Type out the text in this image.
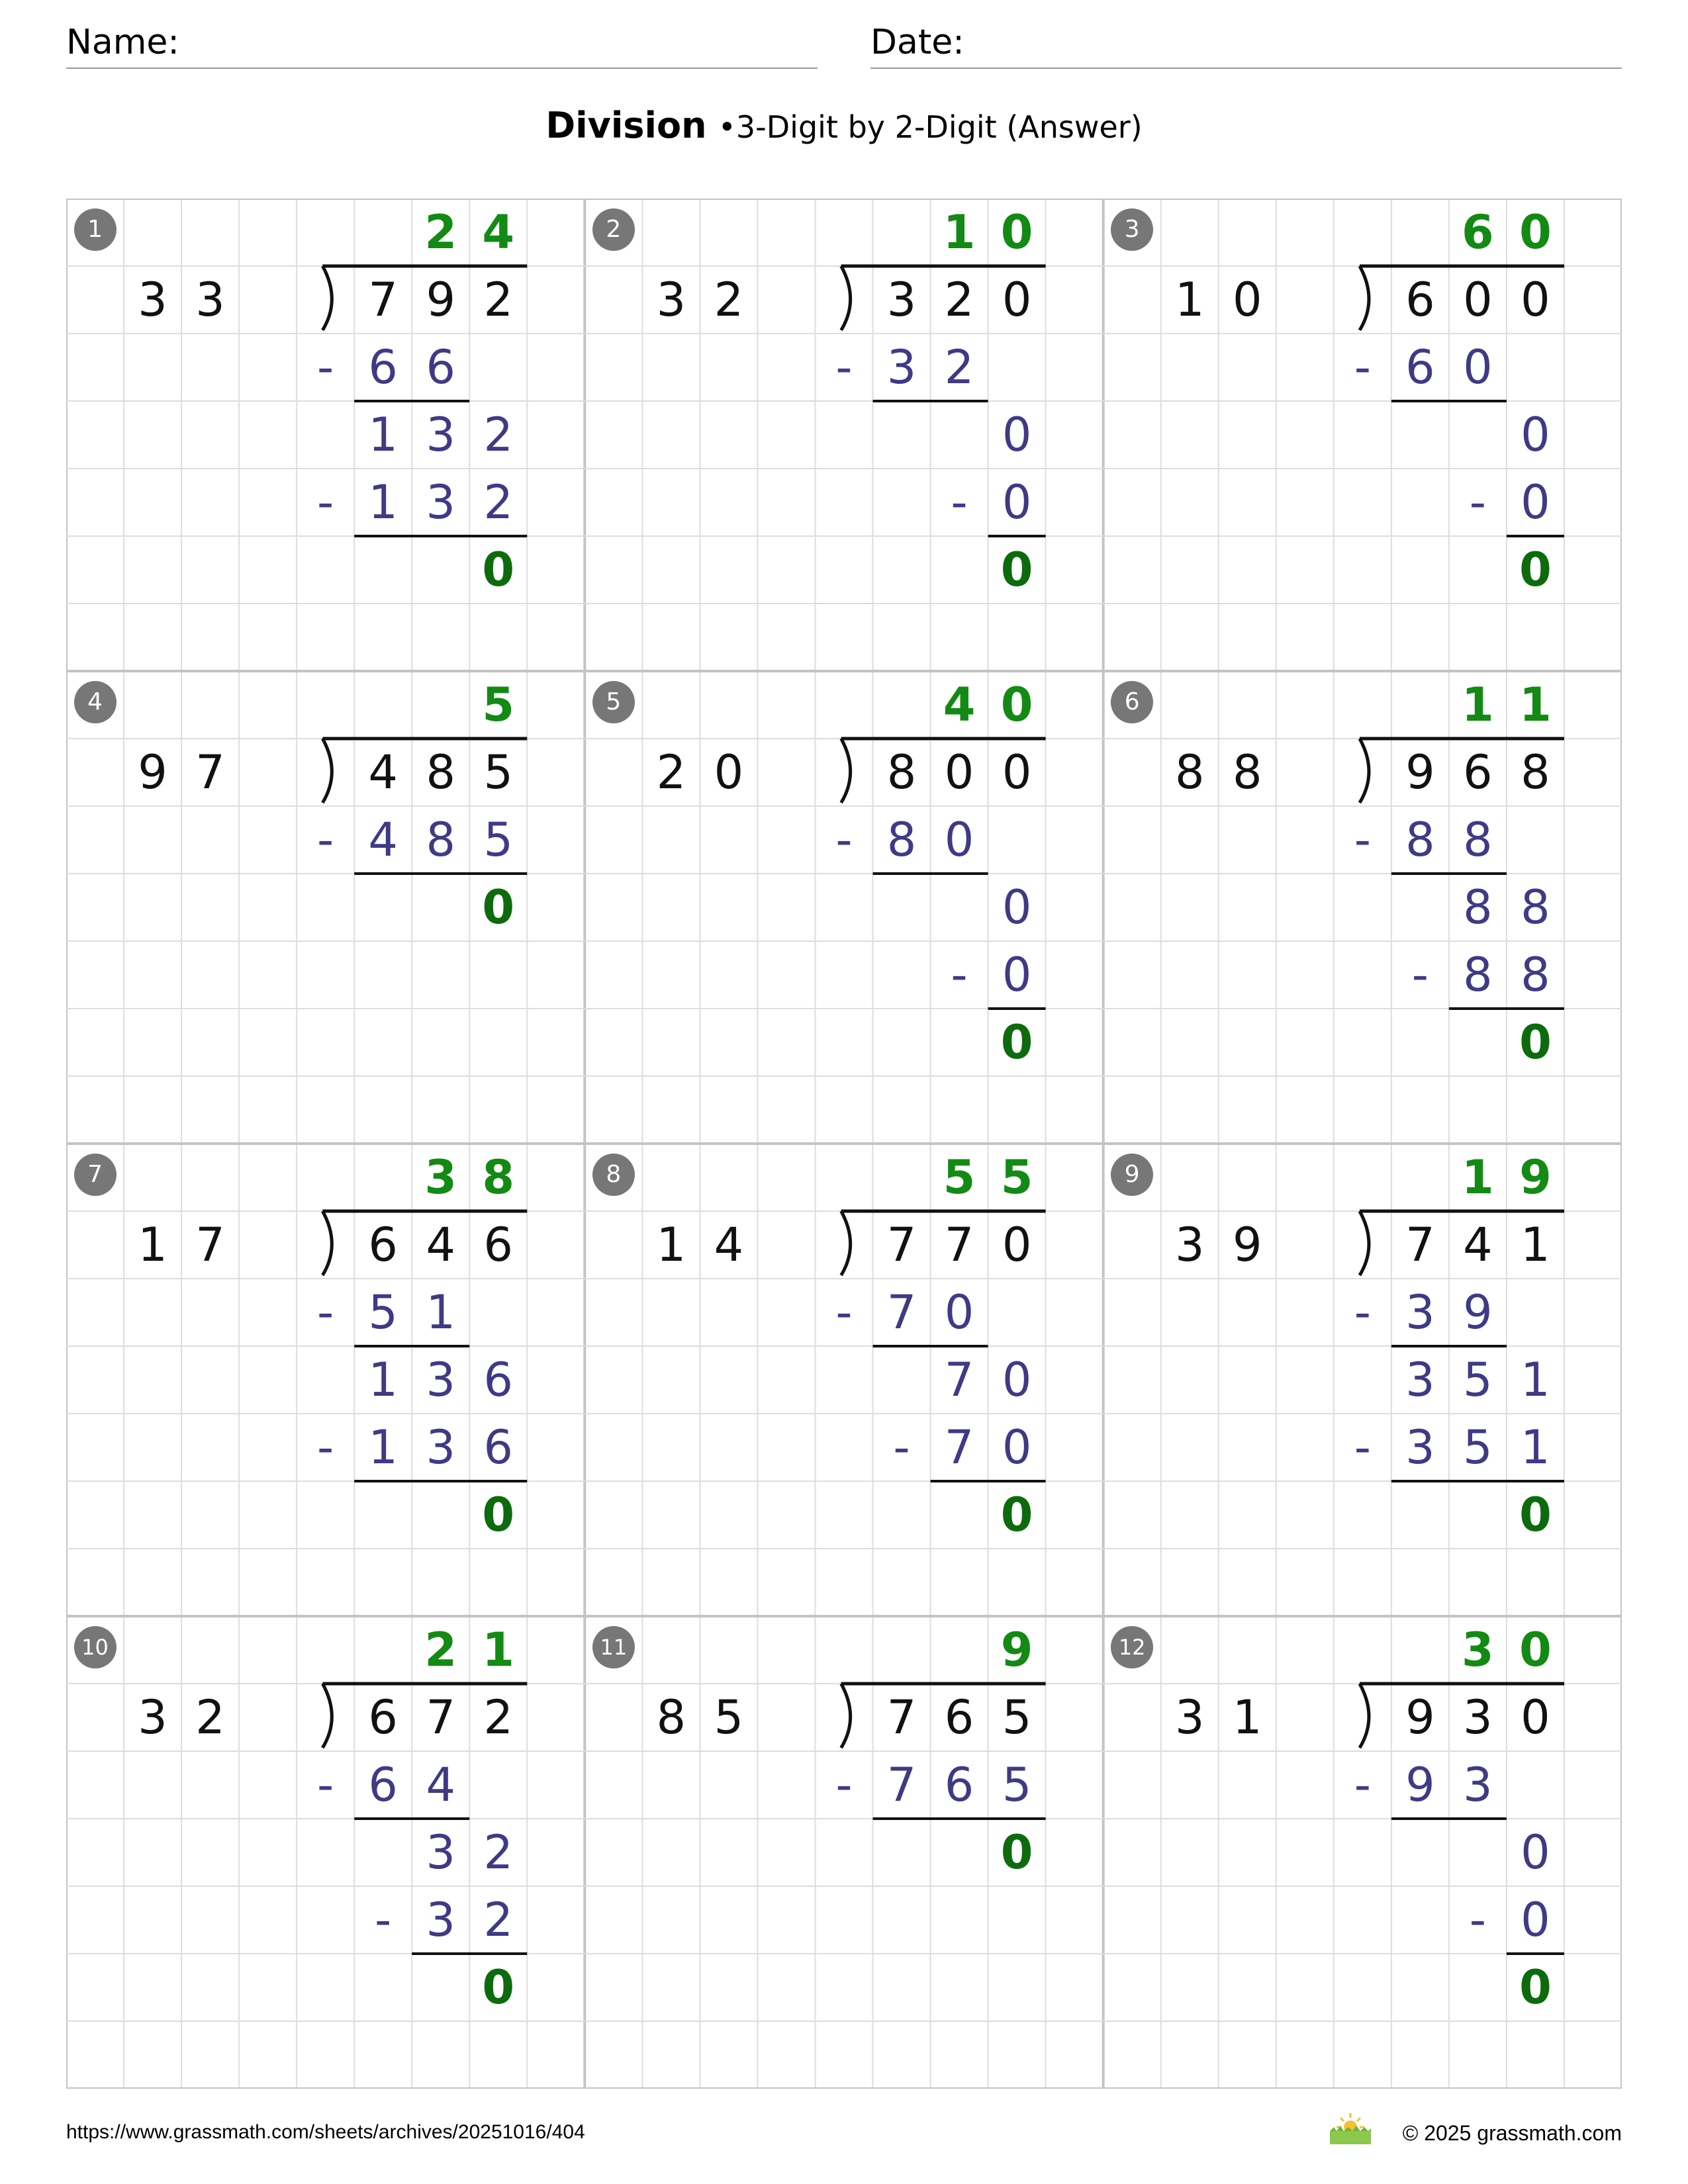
Name:	Date:
Division •3-Digit by 2-Digit (Answer)
1
3 3	7 9 2
2 4
- 6 6
1 3 2
- 1 3 2
0
2
3 2	3 2 0
1 0
- 3 2
0
- 0
0
3
1 0	6 0 0
6 0
- 6 0
0
- 0
0
4
9 7	4 8 5
5
- 4 8 5
0
5
2 0	8 0 0
4 0
- 8 0
0
- 0
0
6
8 8	9 6 8
1 1
- 8 8
8 8
- 8 8
0
7
1 7	6 4 6
3 8
- 5 1
1 3 6
- 1 3 6
0
8
1 4	7 7 0
5 5
- 7 0
7 0
- 7 0
0
9
3 9	7 4 1
1 9
- 3 9
3 5 1
- 3 5 1
0
10
3 2	6 7 2
2 1
- 6 4
3 2
- 3 2
0
11
8 5	7 6 5
9
- 7 6 5
0
12
3 1	9 3 0
3 0
- 9 3
0
- 0
0
https://www.grassmath.com/sheets/archives/20251016/404	© 2025 grassmath.com
